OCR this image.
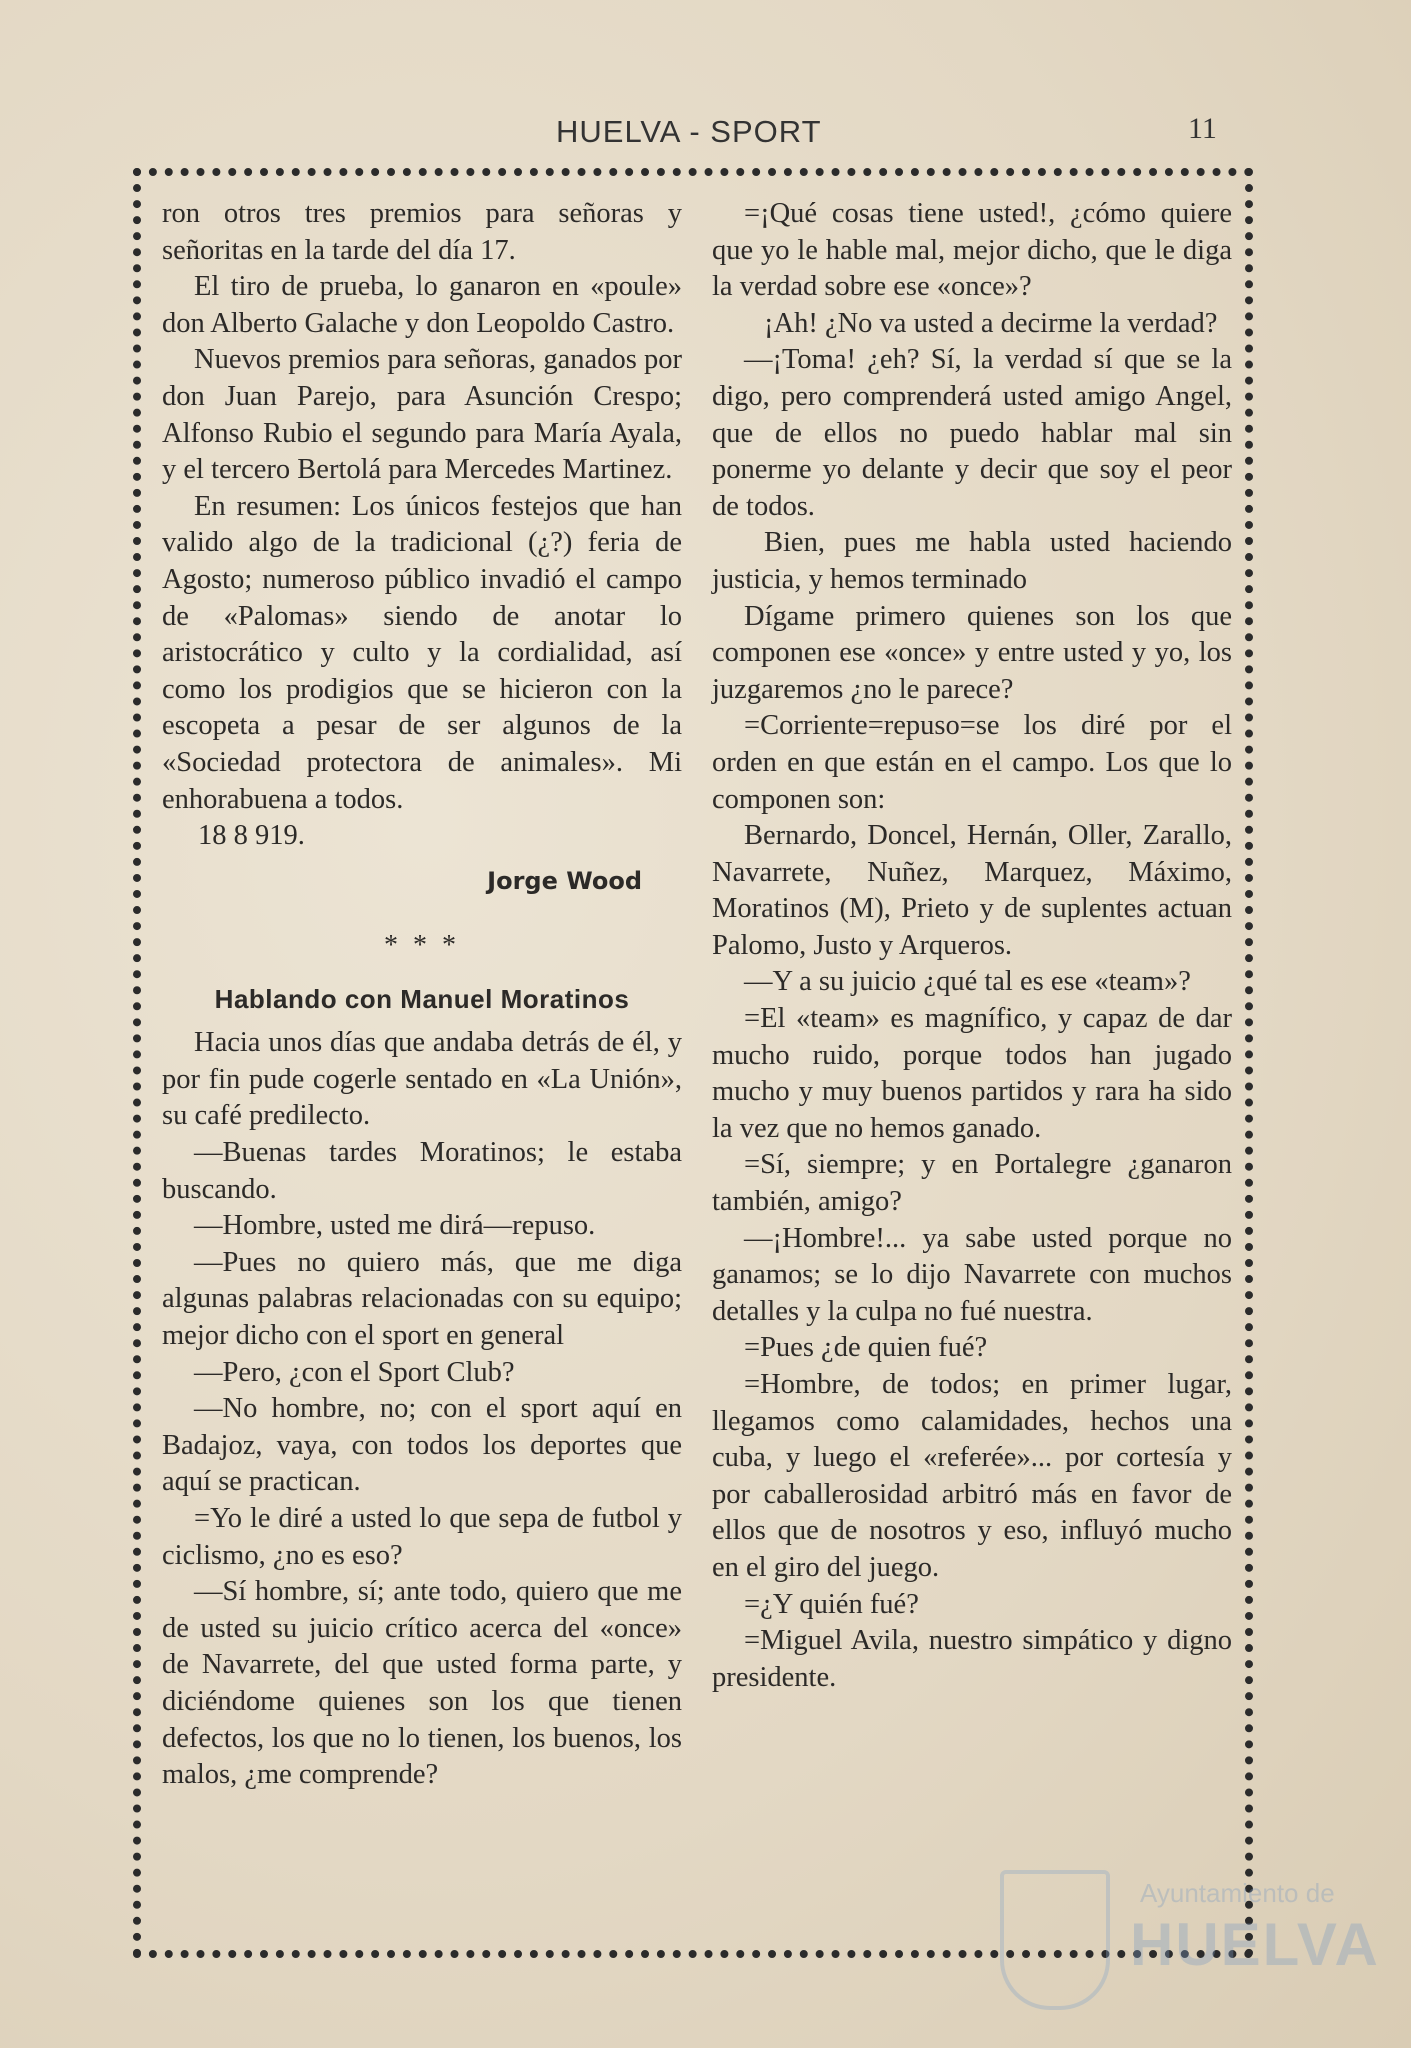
HUELVA - SPORT	11

ron otros tres premios para señoras y señoritas en la tarde del día 17.

El tiro de prueba, lo ganaron en «poule» don Alberto Galache y don Leopoldo Castro.

Nuevos premios para señoras, ganados por don Juan Parejo, para Asunción Crespo; Alfonso Rubio el segundo para María Ayala, y el tercero Bertolá para Mercedes Martinez.

En resumen: Los únicos festejos que han valido algo de la tradicional (¿?) feria de Agosto; numeroso público invadió el campo de «Palomas» siendo de anotar lo aristocrático y culto y la cordialidad, así como los prodigios que se hicieron con la escopeta a pesar de ser algunos de la «Sociedad protectora de animales». Mi enhorabuena a todos.

18 8 919.

Jorge Wood
* * *
Hablando con Manuel Moratinos

Hacia unos días que andaba detrás de él, y por fin pude cogerle sentado en «La Unión», su café predilecto.

—Buenas tardes Moratinos; le estaba buscando.

—Hombre, usted me dirá—repuso.

—Pues no quiero más, que me diga algunas palabras relacionadas con su equipo; mejor dicho con el sport en general

—Pero, ¿con el Sport Club?

—No hombre, no; con el sport aquí en Badajoz, vaya, con todos los deportes que aquí se practican.

=Yo le diré a usted lo que sepa de futbol y ciclismo, ¿no es eso?

—Sí hombre, sí; ante todo, quiero que me de usted su juicio crítico acerca del «once» de Navarrete, del que usted forma parte, y diciéndome quienes son los que tienen defectos, los que no lo tienen, los buenos, los malos, ¿me comprende?

=¡Qué cosas tiene usted!, ¿cómo quiere que yo le hable mal, mejor dicho, que le diga la verdad sobre ese «once»?

¡Ah! ¿No va usted a decirme la verdad?

—¡Toma! ¿eh? Sí, la verdad sí que se la digo, pero comprenderá usted amigo Angel, que de ellos no puedo hablar mal sin ponerme yo delante y decir que soy el peor de todos.

Bien, pues me habla usted haciendo justicia, y hemos terminado

Dígame primero quienes son los que componen ese «once» y entre usted y yo, los juzgaremos ¿no le parece?

=Corriente=repuso=se los diré por el orden en que están en el campo. Los que lo componen son:

Bernardo, Doncel, Hernán, Oller, Zarallo, Navarrete, Nuñez, Marquez, Máximo, Moratinos (M), Prieto y de suplentes actuan Palomo, Justo y Arqueros.

—Y a su juicio ¿qué tal es ese «team»?

=El «team» es magnífico, y capaz de dar mucho ruido, porque todos han jugado mucho y muy buenos partidos y rara ha sido la vez que no hemos ganado.

=Sí, siempre; y en Portalegre ¿ganaron también, amigo?

—¡Hombre!... ya sabe usted porque no ganamos; se lo dijo Navarrete con muchos detalles y la culpa no fué nuestra.

=Pues ¿de quien fué?

=Hombre, de todos; en primer lugar, llegamos como calamidades, hechos una cuba, y luego el «referée»... por cortesía y por caballerosidad arbitró más en favor de ellos que de nosotros y eso, influyó mucho en el giro del juego.

=¿Y quién fué?

=Miguel Avila, nuestro simpático y digno presidente.

Ayuntamiento de
HUELVA
